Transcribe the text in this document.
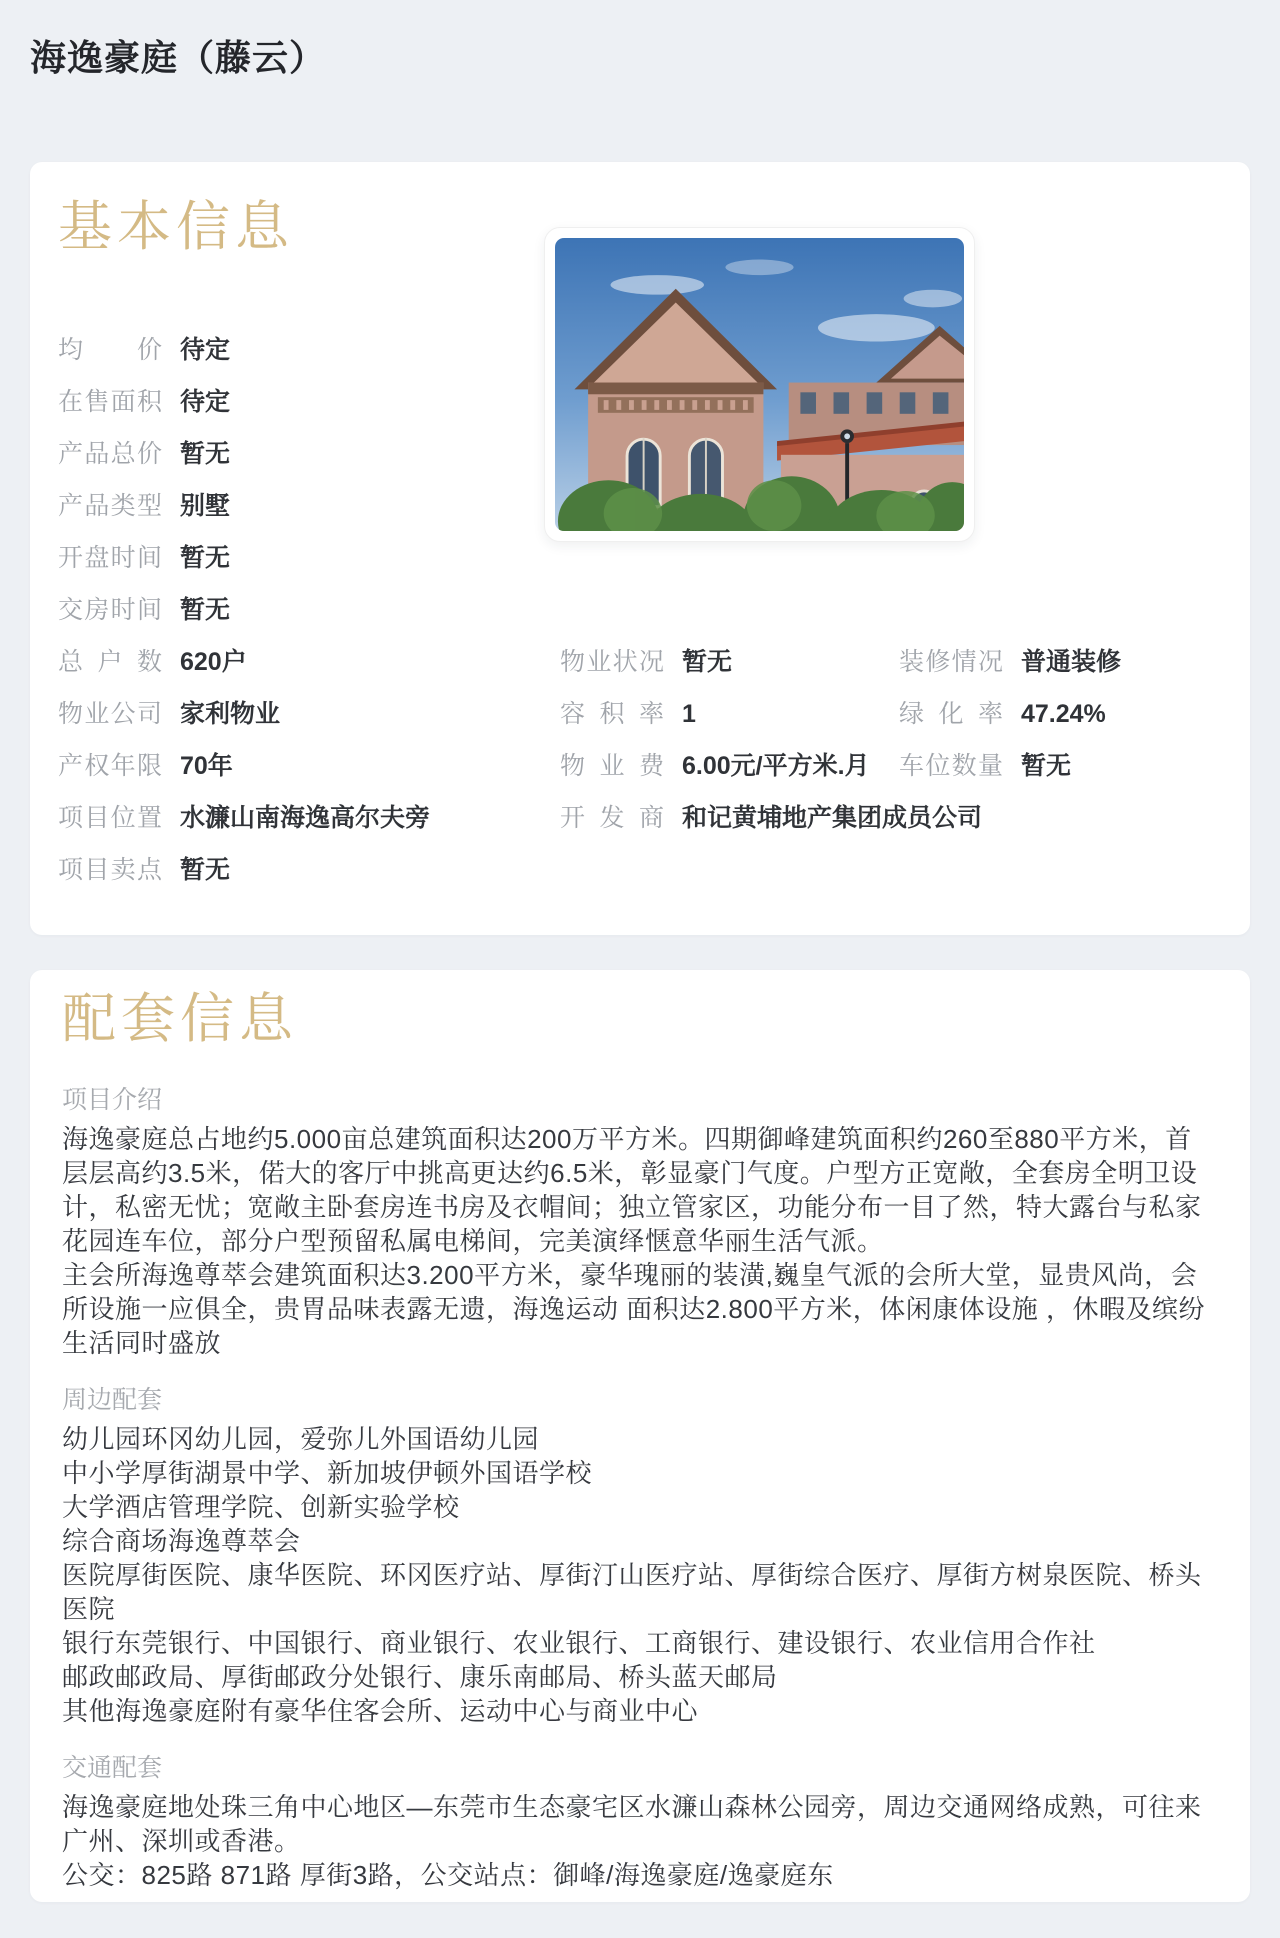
海逸豪庭（藤云）
基本信息
均价 待定
在售面积 待定
产品总价 暂无
产品类型 别墅
开盘时间 暂无
交房时间 暂无
总户数 620户
物业公司 家利物业
产权年限 70年
项目位置 水濂山南海逸高尔夫旁
项目卖点 暂无
物业状况 暂无
容积率 1
物业费 6.00元/平方米.月
开发商 和记黄埔地产集团成员公司
装修情况 普通装修
绿化率 47.24%
车位数量 暂无
配套信息
项目介绍

海逸豪庭总占地约5.000亩总建筑面积达200万平方米。四期御峰建筑面积约260至880平方米，首层层高约3.5米，偌大的客厅中挑高更达约6.5米，彰显豪门气度。户型方正宽敞，全套房全明卫设计，私密无忧；宽敞主卧套房连书房及衣帽间；独立管家区，功能分布一目了然，特大露台与私家花园连车位，部分户型预留私属电梯间，完美演绎惬意华丽生活气派。

主会所海逸尊萃会建筑面积达3.200平方米，豪华瑰丽的装潢,巍皇气派的会所大堂，显贵风尚，会所设施一应俱全，贵胃品味表露无遗，海逸运动 面积达2.800平方米，体闲康体设施 ，休暇及缤纷生活同时盛放

周边配套

幼儿园环冈幼儿园，爱弥儿外国语幼儿园

中小学厚街湖景中学、新加坡伊顿外国语学校

大学酒店管理学院、创新实验学校

综合商场海逸尊萃会

医院厚街医院、康华医院、环冈医疗站、厚街汀山医疗站、厚街综合医疗、厚街方树泉医院、桥头医院

银行东莞银行、中国银行、商业银行、农业银行、工商银行、建设银行、农业信用合作社

邮政邮政局、厚街邮政分处银行、康乐南邮局、桥头蓝天邮局

其他海逸豪庭附有豪华住客会所、运动中心与商业中心

交通配套

海逸豪庭地处珠三角中心地区—东莞市生态豪宅区水濂山森林公园旁，周边交通网络成熟，可往来广州、深圳或香港。

公交：825路 871路 厚街3路，公交站点：御峰/海逸豪庭/逸豪庭东
